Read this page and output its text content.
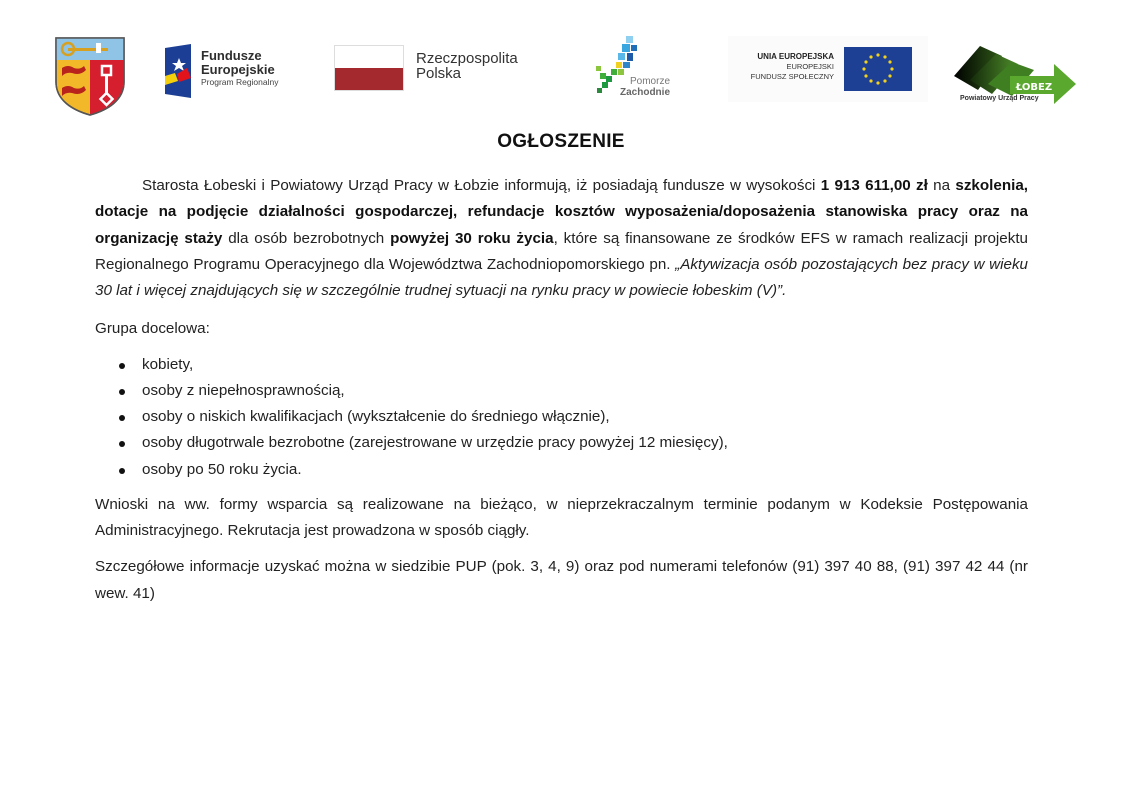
Fundusze
Europejskie
Program Regionalny
Rzeczpospolita
Polska	Pomorze
Zachodnie
UNIA EUROPEJSKA
EUROPEJSKI
FUNDUSZ SPOŁECZNY
ŁOBEZ
Powiatowy Urząd Pracy
OGŁOSZENIE

Starosta Łobeski i Powiatowy Urząd Pracy w Łobzie informują, iż posiadają fundusze w wysokości 1 913 611,00 zł na szkolenia, dotacje na podjęcie działalności gospodarczej, refundacje kosztów wyposażenia/doposażenia stanowiska pracy oraz na organizację staży dla osób bezrobotnych powyżej 30 roku życia, które są finansowane ze środków EFS w ramach realizacji projektu Regionalnego Programu Operacyjnego dla Województwa Zachodniopomorskiego pn. „Aktywizacja osób pozostających bez pracy w wieku 30 lat i więcej znajdujących się w szczególnie trudnej sytuacji na rynku pracy w powiecie łobeskim (V)”.

Grupa docelowa:

kobiety,
osoby z niepełnosprawnością,
osoby o niskich kwalifikacjach (wykształcenie do średniego włącznie),
osoby długotrwale bezrobotne (zarejestrowane w urzędzie pracy powyżej 12 miesięcy),
osoby po 50 roku życia.

Wnioski na ww. formy wsparcia są realizowane na bieżąco, w nieprzekraczalnym terminie podanym w Kodeksie Postępowania Administracyjnego. Rekrutacja jest prowadzona w sposób ciągły.

Szczegółowe informacje uzyskać można w siedzibie PUP (pok. 3, 4, 9) oraz pod numerami telefonów (91) 397 40 88, (91) 397 42 44 (nr wew. 41)
